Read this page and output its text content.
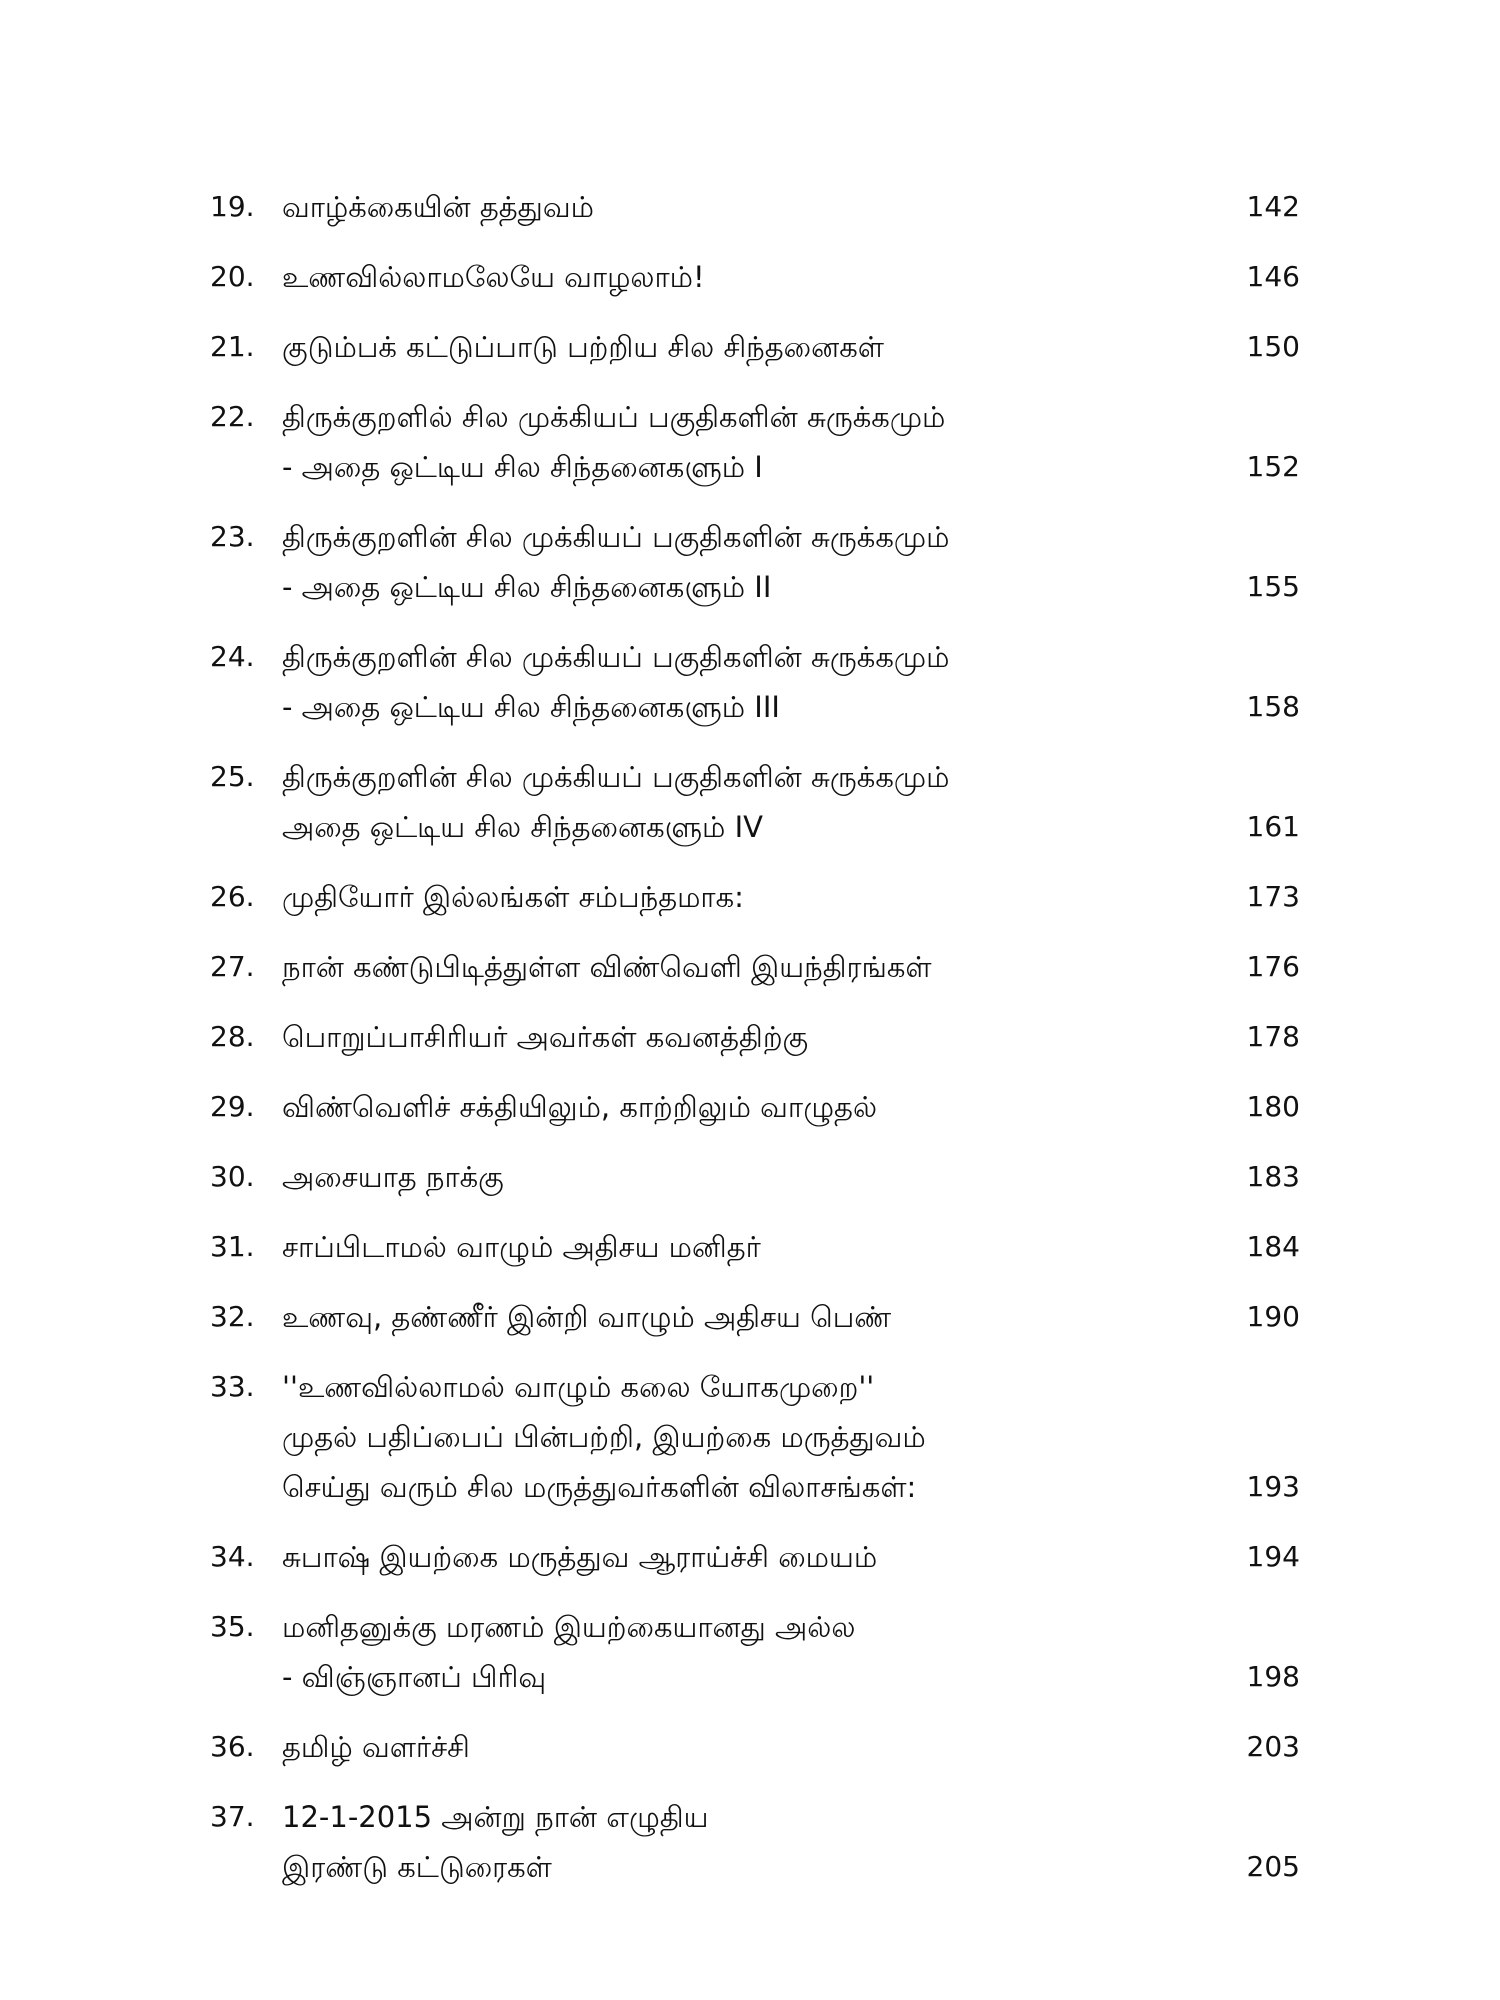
19. வாழ்க்கையின் தத்துவம்	142
20. உணவில்லாமலேயே வாழலாம்!	146
21. குடும்பக் கட்டுப்பாடு பற்றிய சில சிந்தனைகள்	150
22. திருக்குறளில் சில முக்கியப் பகுதிகளின் சுருக்கமும்
- அதை ஒட்டிய சில சிந்தனைகளும் I	152
23. திருக்குறளின் சில முக்கியப் பகுதிகளின் சுருக்கமும்
- அதை ஒட்டிய சில சிந்தனைகளும் II	155
24. திருக்குறளின் சில முக்கியப் பகுதிகளின் சுருக்கமும்
- அதை ஒட்டிய சில சிந்தனைகளும் III	158
25. திருக்குறளின் சில முக்கியப் பகுதிகளின் சுருக்கமும்
அதை ஒட்டிய சில சிந்தனைகளும் IV	161
26. முதியோர் இல்லங்கள் சம்பந்தமாக:	173
27. நான் கண்டுபிடித்துள்ள விண்வெளி இயந்திரங்கள்	176
28. பொறுப்பாசிரியர் அவர்கள் கவனத்திற்கு	178
29. விண்வெளிச் சக்தியிலும், காற்றிலும் வாழுதல்	180
30. அசையாத நாக்கு	183
31. சாப்பிடாமல் வாழும் அதிசய மனிதர்	184
32. உணவு, தண்ணீர் இன்றி வாழும் அதிசய பெண்	190
33. ''உணவில்லாமல் வாழும் கலை யோகமுறை''
முதல் பதிப்பைப் பின்பற்றி, இயற்கை மருத்துவம்
செய்து வரும் சில மருத்துவர்களின் விலாசங்கள்:	193
34. சுபாஷ் இயற்கை மருத்துவ ஆராய்ச்சி மையம்	194
35. மனிதனுக்கு மரணம் இயற்கையானது அல்ல
- விஞ்ஞானப் பிரிவு	198
36. தமிழ் வளர்ச்சி	203
37. 12-1-2015 அன்று நான் எழுதிய
இரண்டு கட்டுரைகள்	205
